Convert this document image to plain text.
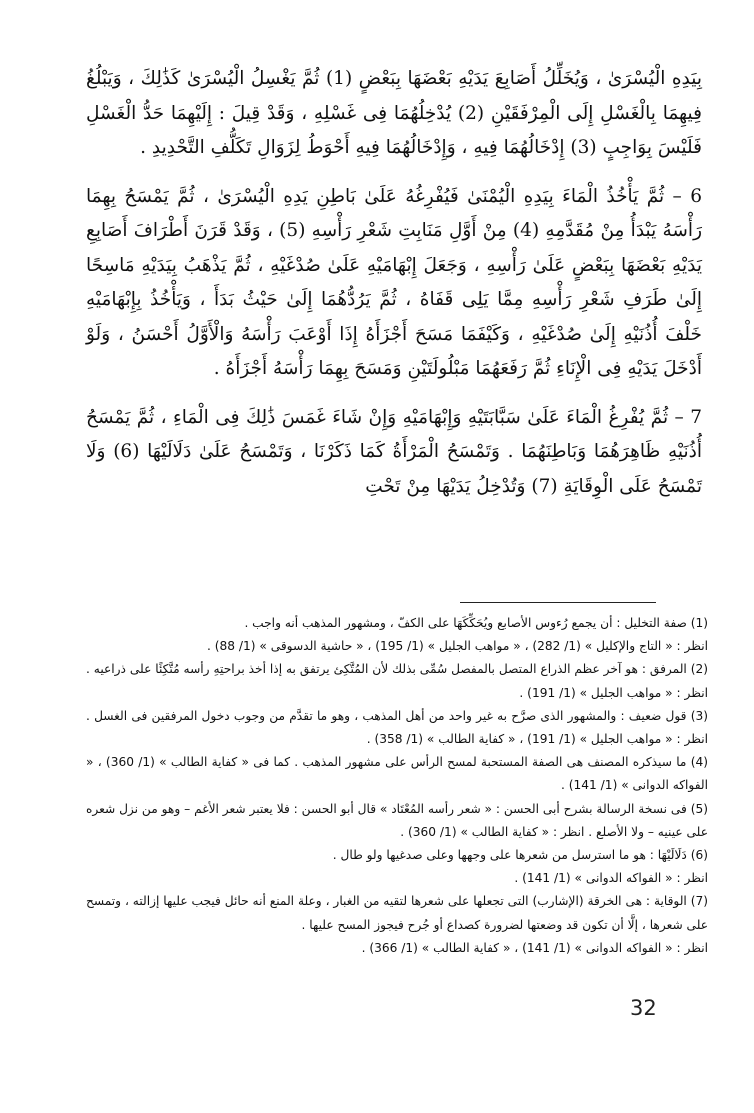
بِيَدِهِ الْيُسْرَىٰ ، وَيُخَلِّلُ أَصَابِعَ يَدَيْهِ بَعْضَهَا بِبَعْضٍ (1) ثُمَّ يَغْسِلُ الْيُسْرَىٰ كَذَٰلِكَ ، وَيَبْلُغُ فِيهِمَا بِالْغَسْلِ إِلَى الْمِرْفَقَيْنِ (2) يُدْخِلُهُمَا فِى غَسْلِهِ ، وَقَدْ قِيلَ : إِلَيْهِمَا حَدُّ الْغَسْلِ فَلَيْسَ بِوَاجِبٍ (3) إِدْخَالُهُمَا فِيهِ ، وَإِدْخَالُهُمَا فِيهِ أَحْوَطُ لِزَوَالِ تَكَلُّفِ التَّحْدِيدِ .

6 – ثُمَّ يَأْخُذُ الْمَاءَ بِيَدِهِ الْيُمْنَىٰ فَيُفْرِغُهُ عَلَىٰ بَاطِنِ يَدِهِ الْيُسْرَىٰ ، ثُمَّ يَمْسَحُ بِهِمَا رَأْسَهُ يَبْدَأُ مِنْ مُقَدَّمِهِ (4) مِنْ أَوَّلِ مَنَابِتِ شَعْرِ رَأْسِهِ (5) ، وَقَدْ قَرَنَ أَطْرَافَ أَصَابِعِ يَدَيْهِ بَعْضَهَا بِبَعْضٍ عَلَىٰ رَأْسِهِ ، وَجَعَلَ إِبْهَامَيْهِ عَلَىٰ صُدْغَيْهِ ، ثُمَّ يَذْهَبُ بِيَدَيْهِ مَاسِحًا إِلَىٰ طَرَفِ شَعْرِ رَأْسِهِ مِمَّا يَلِى قَفَاهُ ، ثُمَّ يَرُدُّهُمَا إِلَىٰ حَيْثُ بَدَأَ ، وَيَأْخُذُ بِإِبْهَامَيْهِ خَلْفَ أُذُنَيْهِ إِلَىٰ صُدْغَيْهِ ، وَكَيْفَمَا مَسَحَ أَجْزَأَهُ إِذَا أَوْعَبَ رَأْسَهُ وَالْأَوَّلُ أَحْسَنُ ، وَلَوْ أَدْخَلَ يَدَيْهِ فِى الْإِنَاءِ ثُمَّ رَفَعَهُمَا مَبْلُولَتَيْنِ وَمَسَحَ بِهِمَا رَأْسَهُ أَجْزَأَهُ .

7 – ثُمَّ يُفْرِغُ الْمَاءَ عَلَىٰ سَبَّابَتَيْهِ وَإِبْهَامَيْهِ وَإِنْ شَاءَ غَمَسَ ذَٰلِكَ فِى الْمَاءِ ، ثُمَّ يَمْسَحُ أُذُنَيْهِ ظَاهِرَهُمَا وَبَاطِنَهُمَا . وَتَمْسَحُ الْمَرْأَةُ كَمَا ذَكَرْنَا ، وَتَمْسَحُ عَلَىٰ دَلَالَيْهَا (6) وَلَا تَمْسَحُ عَلَى الْوِقَايَةِ (7) وَتُدْخِلُ يَدَيْهَا مِنْ تَحْتِ

(1) صفة التخليل : أن يجمع رُءوس الأصابع ويُحَكِّكَهَا على الكفّ ، ومشهور المذهب أنه واجب .

انظر : « التاج والإكليل » (1/ 282) ، « مواهب الجليل » (1/ 195) ، « حاشية الدسوقى » (1/ 88) .

(2) المرفق : هو آخر عظم الذراع المتصل بالمفصل سُمِّى بذلك لأن المُتَّكِئ يرتفق به إذا أخذ براحتِهِ رأسه مُتَّكِئًا على ذراعيه . انظر : « مواهب الجليل » (1/ 191) .

(3) قول ضعيف : والمشهور الذى صرَّح به غير واحد من أهل المذهب ، وهو ما تقدَّم من وجوب دخول المرفقين فى الغسل . انظر : « مواهب الجليل » (1/ 191) ، « كفاية الطالب » (1/ 358) .

(4) ما سيذكره المصنف هى الصفة المستحبة لمسح الرأس على مشهور المذهب . كما فى « كفاية الطالب » (1/ 360) ، « الفواكه الدوانى » (1/ 141) .

(5) فى نسخة الرسالة بشرح أبى الحسن : « شعر رأسه المُعْتَاد » قال أبو الحسن : فلا يعتبر شعر الأغم – وهو من نزل شعره على عينيه – ولا الأصلع . انظر : « كفاية الطالب » (1/ 360) .

(6) دَلَالَيْهَا : هو ما استرسل من شعرها على وجهها وعلى صدغيها ولو طال .

انظر : « الفواكه الدوانى » (1/ 141) .

(7) الوقاية : هى الخرقة (الإشارب) التى تجعلها على شعرها لتقيه من الغبار ، وعلة المنع أنه حائل فيجب عليها إزالته ، وتمسح على شعرها ، إلَّا أن تكون قد وضعتها لضرورة كصداع أو جُرح فيجوز المسح عليها .

انظر : « الفواكه الدوانى » (1/ 141) ، « كفاية الطالب » (1/ 366) .

32
